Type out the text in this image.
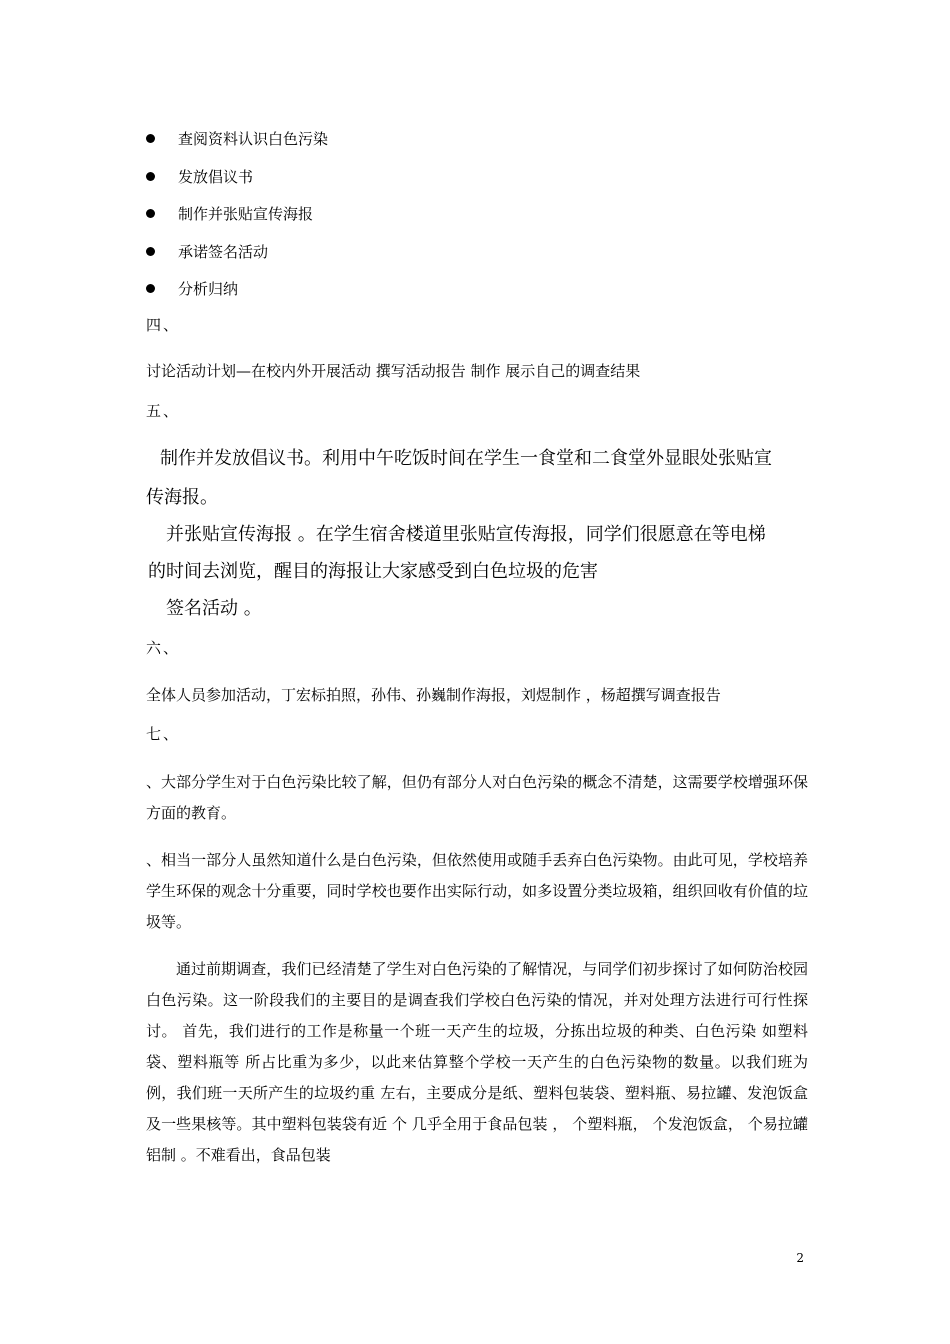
查阅资料认识白色污染
发放倡议书
制作并张贴宣传海报
承诺签名活动
分析归纳
四、
讨论活动计划—在校内外开展活动 撰写活动报告 制作 展示自己的调查结果
五、
制作并发放倡议书。利用中午吃饭时间在学生一食堂和二食堂外显眼处张贴宣
传海报。
并张贴宣传海报 。在学生宿舍楼道里张贴宣传海报，同学们很愿意在等电梯
的时间去浏览，醒目的海报让大家感受到白色垃圾的危害
签名活动 。
六、
全体人员参加活动，丁宏标拍照，孙伟、孙巍制作海报，刘煜制作 ，杨超撰写调查报告
七、
、大部分学生对于白色污染比较了解，但仍有部分人对白色污染的概念不清楚，这需要学校增强环保方面的教育。
、相当一部分人虽然知道什么是白色污染，但依然使用或随手丢弃白色污染物。由此可见，学校培养学生环保的观念十分重要，同时学校也要作出实际行动，如多设置分类垃圾箱，组织回收有价值的垃圾等。
通过前期调查，我们已经清楚了学生对白色污染的了解情况，与同学们初步探讨了如何防治校园白色污染。这一阶段我们的主要目的是调查我们学校白色污染的情况，并对处理方法进行可行性探讨。 首先，我们进行的工作是称量一个班一天产生的垃圾，分拣出垃圾的种类、白色污染 如塑料袋、塑料瓶等 所占比重为多少，以此来估算整个学校一天产生的白色污染物的数量。以我们班为例，我们班一天所产生的垃圾约重 左右，主要成分是纸、塑料包装袋、塑料瓶、易拉罐、发泡饭盒及一些果核等。其中塑料包装袋有近 个 几乎全用于食品包装 ， 个塑料瓶， 个发泡饭盒， 个易拉罐 铝制 。不难看出，食品包装
2
